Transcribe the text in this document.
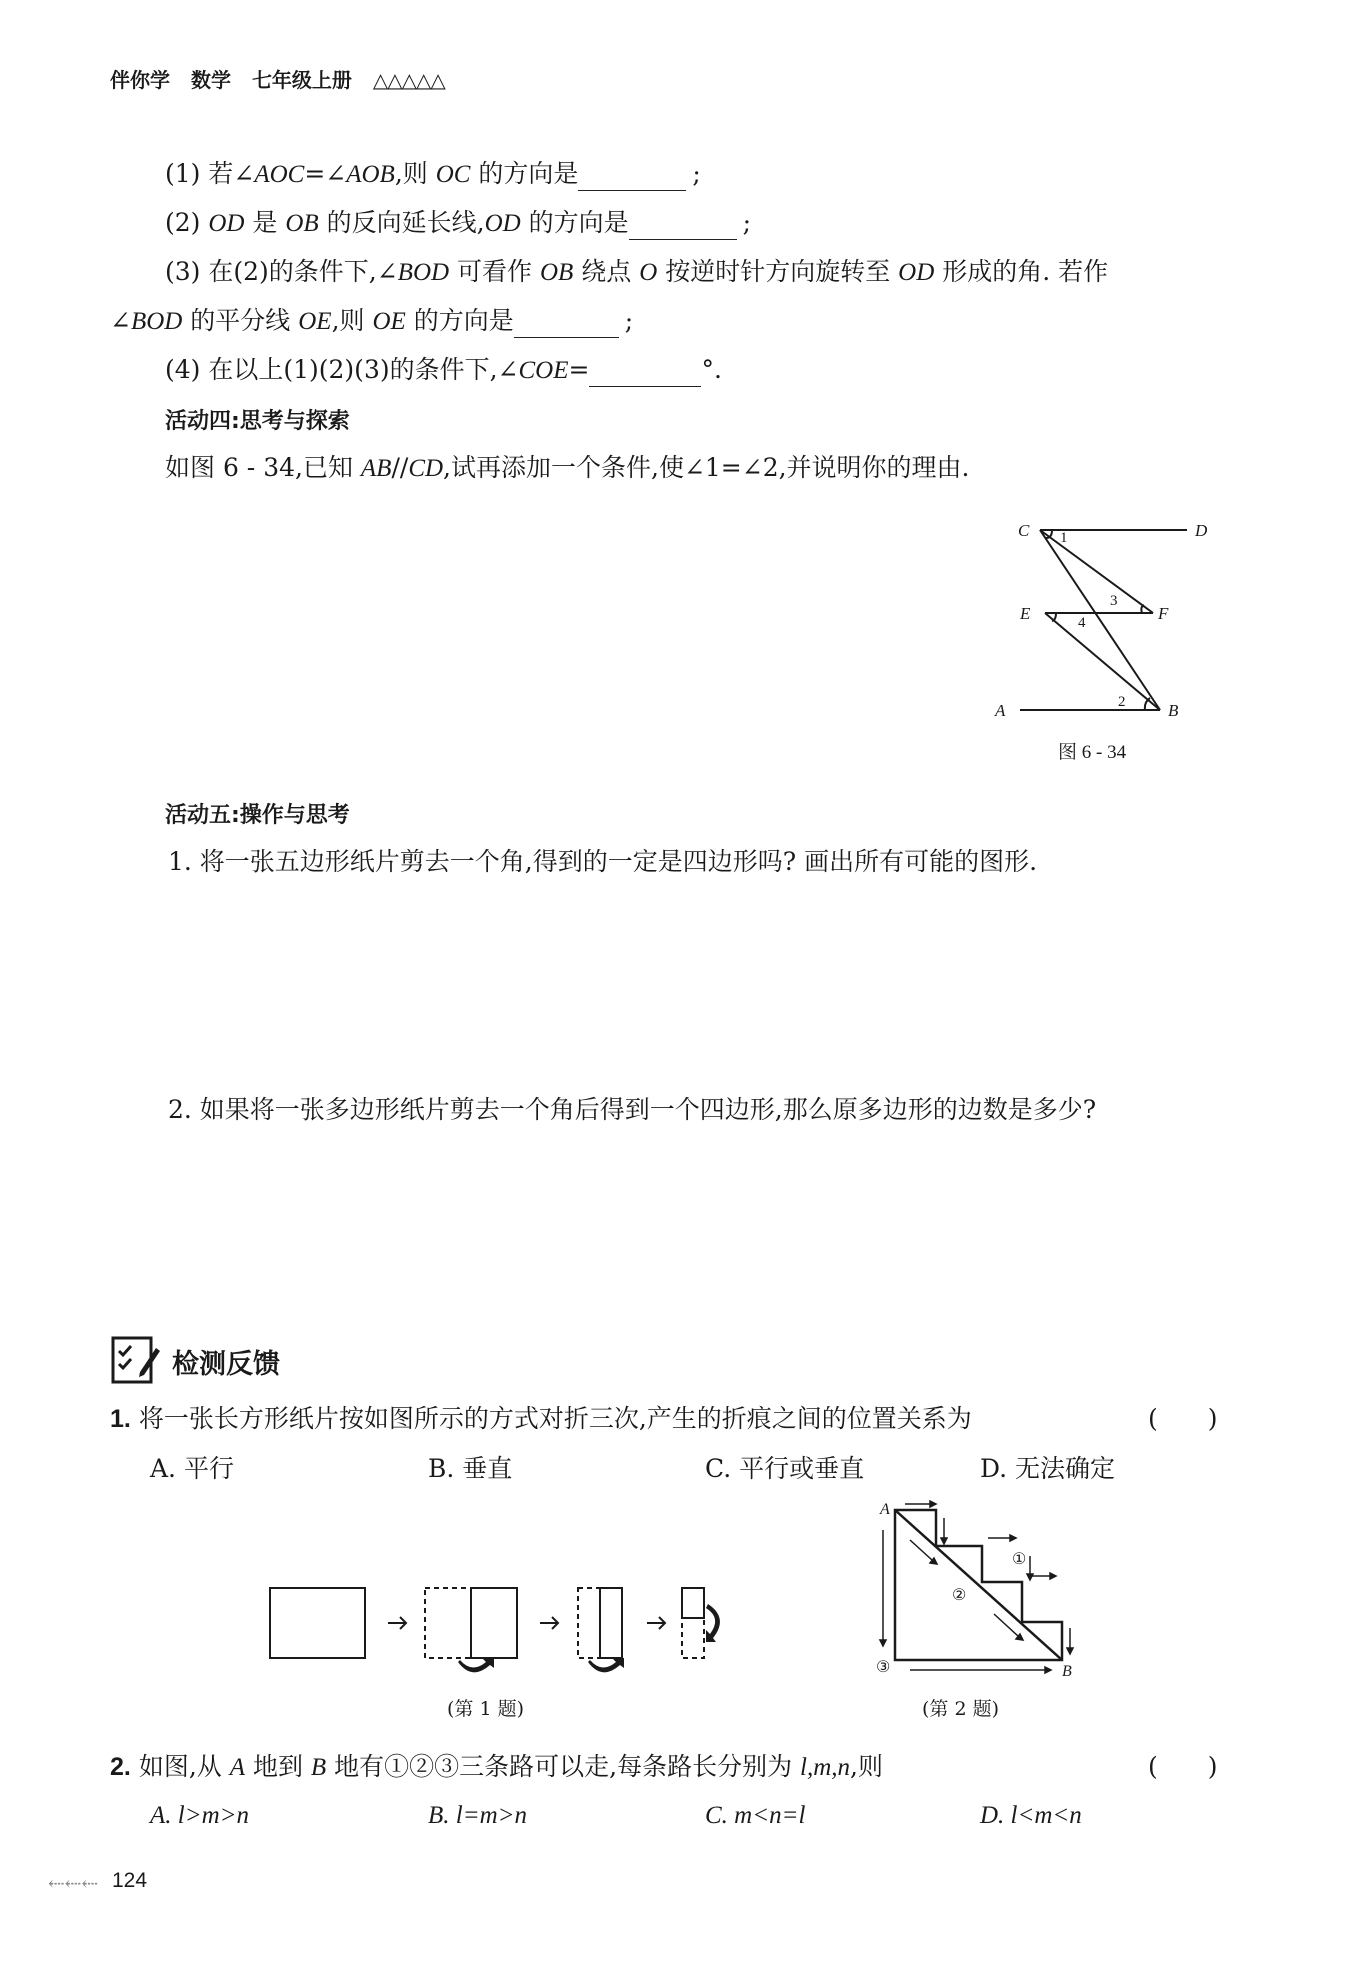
伴你学 数学 七年级上册 △△△△△
(1) 若∠AOC=∠AOB,则 OC 的方向是	;
(2) OD 是 OB 的反向延长线,OD 的方向是	;
(3) 在(2)的条件下,∠BOD 可看作 OB 绕点 O 按逆时针方向旋转至 OD 形成的角. 若作
∠BOD 的平分线 OE,则 OE 的方向是	;
(4) 在以上(1)(2)(3)的条件下,∠COE=	°.
活动四:思考与探索
如图 6 - 34,已知 AB//CD,试再添加一个条件,使∠1=∠2,并说明你的理由.
C	D
E	F
A	B
1
2
3
4
图 6 - 34
活动五:操作与思考
1. 将一张五边形纸片剪去一个角,得到的一定是四边形吗? 画出所有可能的图形.
2. 如果将一张多边形纸片剪去一个角后得到一个四边形,那么原多边形的边数是多少?
检测反馈
1. 将一张长方形纸片按如图所示的方式对折三次,产生的折痕之间的位置关系为	(　　)
A. 平行	B. 垂直	C. 平行或垂直	D. 无法确定
(第 1 题)
A
B
①
②
③
(第 2 题)
2. 如图,从 A 地到 B 地有①②③三条路可以走,每条路长分别为 l,m,n,则	(　　)
A. l>m>n	B. l=m>n	C. m<n=l	D. l<m<n
⇠⇠⇠ 124
